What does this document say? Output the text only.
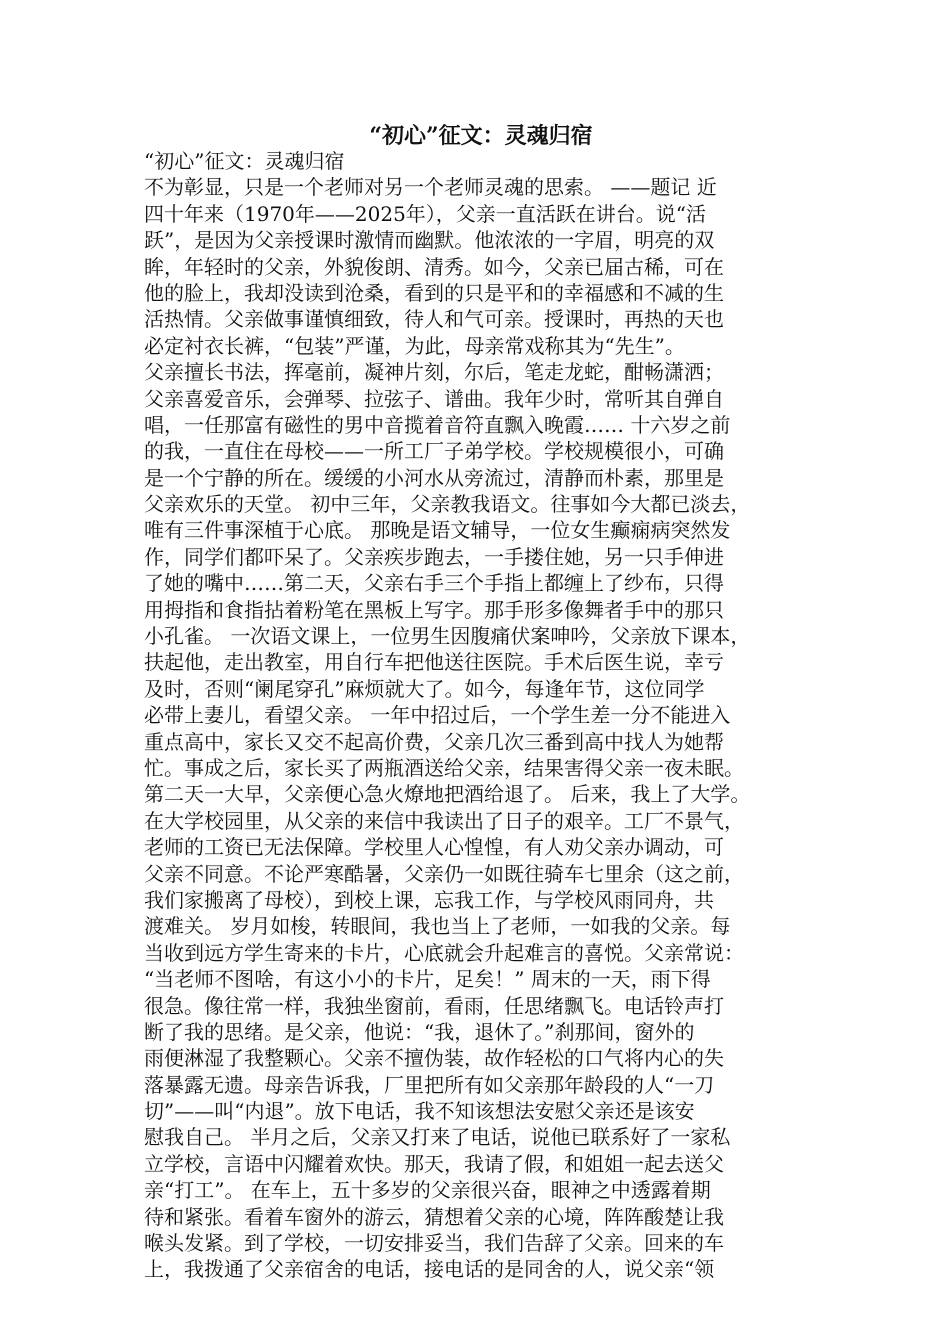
“初心”征文：灵魂归宿
“初心”征文：灵魂归宿
不为彰显，只是一个老师对另一个老师灵魂的思索。 ——题记 近
四十年来（1970年——2025年），父亲一直活跃在讲台。说“活
跃”，是因为父亲授课时激情而幽默。他浓浓的一字眉，明亮的双
眸，年轻时的父亲，外貌俊朗、清秀。如今，父亲已届古稀，可在
他的脸上，我却没读到沧桑，看到的只是平和的幸福感和不减的生
活热情。父亲做事谨慎细致，待人和气可亲。授课时，再热的天也
必定衬衣长裤，“包装”严谨，为此，母亲常戏称其为“先生”。
父亲擅长书法，挥毫前，凝神片刻，尔后，笔走龙蛇，酣畅潇洒；
父亲喜爱音乐，会弹琴、拉弦子、谱曲。我年少时，常听其自弹自
唱，一任那富有磁性的男中音揽着音符直飘入晚霞…… 十六岁之前
的我，一直住在母校——一所工厂子弟学校。学校规模很小，可确
是一个宁静的所在。缓缓的小河水从旁流过，清静而朴素，那里是
父亲欢乐的天堂。 初中三年，父亲教我语文。往事如今大都已淡去，
唯有三件事深植于心底。 那晚是语文辅导，一位女生癫痫病突然发
作，同学们都吓呆了。父亲疾步跑去，一手搂住她，另一只手伸进
了她的嘴中……第二天，父亲右手三个手指上都缠上了纱布，只得
用拇指和食指拈着粉笔在黑板上写字。那手形多像舞者手中的那只
小孔雀。 一次语文课上，一位男生因腹痛伏案呻吟，父亲放下课本，
扶起他，走出教室，用自行车把他送往医院。手术后医生说，幸亏
及时，否则“阑尾穿孔”麻烦就大了。如今，每逢年节，这位同学
必带上妻儿，看望父亲。 一年中招过后，一个学生差一分不能进入
重点高中，家长又交不起高价费，父亲几次三番到高中找人为她帮
忙。事成之后，家长买了两瓶酒送给父亲，结果害得父亲一夜未眠。
第二天一大早，父亲便心急火燎地把酒给退了。 后来，我上了大学。
在大学校园里，从父亲的来信中我读出了日子的艰辛。工厂不景气，
老师的工资已无法保障。学校里人心惶惶，有人劝父亲办调动，可
父亲不同意。不论严寒酷暑，父亲仍一如既往骑车七里余（这之前，
我们家搬离了母校），到校上课，忘我工作，与学校风雨同舟，共
渡难关。 岁月如梭，转眼间，我也当上了老师，一如我的父亲。每
当收到远方学生寄来的卡片，心底就会升起难言的喜悦。父亲常说：
“当老师不图啥，有这小小的卡片，足矣！” 周末的一天，雨下得
很急。像往常一样，我独坐窗前，看雨，任思绪飘飞。电话铃声打
断了我的思绪。是父亲，他说：“我，退休了。”刹那间，窗外的
雨便淋湿了我整颗心。父亲不擅伪装，故作轻松的口气将内心的失
落暴露无遗。母亲告诉我，厂里把所有如父亲那年龄段的人“一刀
切”——叫“内退”。放下电话，我不知该想法安慰父亲还是该安
慰我自己。 半月之后，父亲又打来了电话，说他已联系好了一家私
立学校，言语中闪耀着欢快。那天，我请了假，和姐姐一起去送父
亲“打工”。 在车上，五十多岁的父亲很兴奋，眼神之中透露着期
待和紧张。看着车窗外的游云，猜想着父亲的心境，阵阵酸楚让我
喉头发紧。到了学校，一切安排妥当，我们告辞了父亲。回来的车
上，我拨通了父亲宿舍的电话，接电话的是同舍的人，说父亲“领
